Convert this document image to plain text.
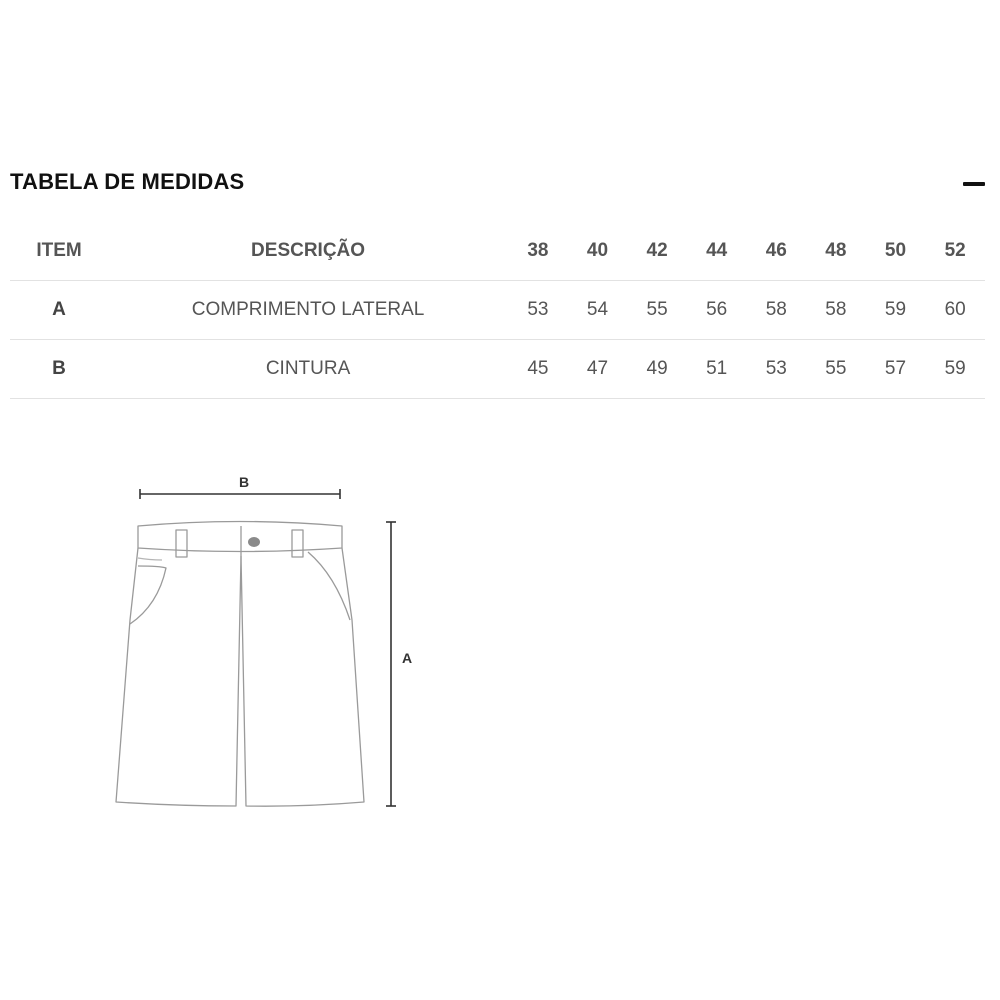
TABELA DE MEDIDAS
ITEM	DESCRIÇÃO	38	40	42	44	46	48	50	52
A	COMPRIMENTO LATERAL	53	54	55	56	58	58	59	60
B	CINTURA	45	47	49	51	53	55	57	59
B
A
